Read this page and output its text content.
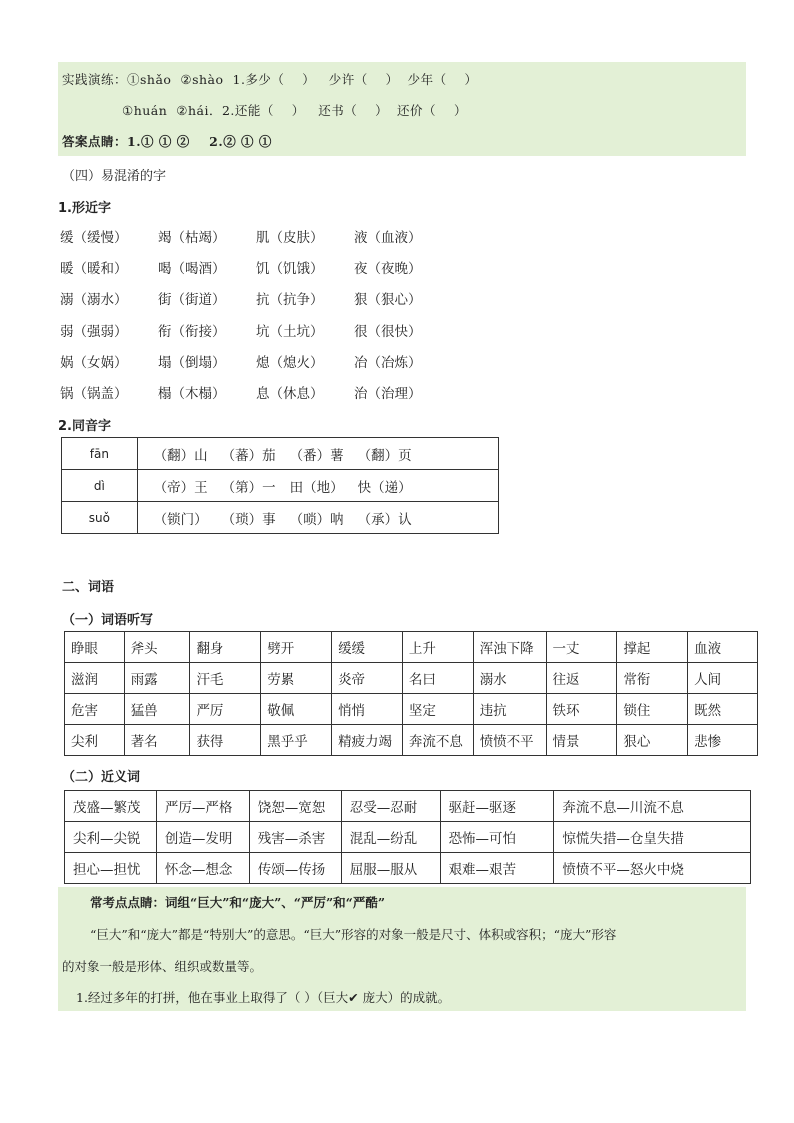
实践演练：①shǎo  ②shào  1.多少（    ）   少许（    ）  少年（    ）
①huán  ②hái．2.还能（    ）   还书（    ）  还价（    ）
答案点睛：1.① ① ②    2.② ① ①
（四）易混淆的字
1.形近字
缓（缓慢） 竭（枯竭） 肌（皮肤） 液（血液）
暖（暖和） 喝（喝酒） 饥（饥饿） 夜（夜晚）
溺（溺水） 街（街道） 抗（抗争） 狠（狠心）
弱（强弱） 衔（衔接） 坑（土坑） 很（很快）
娲（女娲） 塌（倒塌） 熄（熄火） 冶（冶炼）
锅（锅盖） 榻（木榻） 息（休息） 治（治理）
2.同音字
fān	（翻）山 （蕃）茄 （番）薯 （翻）页
dì	（帝）王 （第）一 田（地） 快（递）
suǒ	（锁门） （琐）事 （唢）呐 （承）认
二、词语
（一）词语听写
睁眼	斧头	翻身	劈开	缓缓	上升	浑浊下降	一丈	撑起	血液
滋润	雨露	汗毛	劳累	炎帝	名曰	溺水	往返	常衔	人间
危害	猛兽	严厉	敬佩	悄悄	坚定	违抗	铁环	锁住	既然
尖利	著名	获得	黑乎乎	精疲力竭	奔流不息	愤愤不平	情景	狠心	悲惨
（二）近义词
茂盛—繁茂	严厉—严格	饶恕—宽恕	忍受—忍耐	驱赶—驱逐	奔流不息—川流不息
尖利—尖锐	创造—发明	残害—杀害	混乱—纷乱	恐怖—可怕	惊慌失措—仓皇失措
担心—担忧	怀念—想念	传颂—传扬	屈服—服从	艰难—艰苦	愤愤不平—怒火中烧
常考点点睛：词组“巨大”和“庞大”、“严厉”和“严酷”
“巨大”和“庞大”都是“特别大”的意思。“巨大”形容的对象一般是尺寸、体积或容积；“庞大”形容
的对象一般是形体、组织或数量等。
1.经过多年的打拼，他在事业上取得了（ ）（巨大✔ 庞大）的成就。
